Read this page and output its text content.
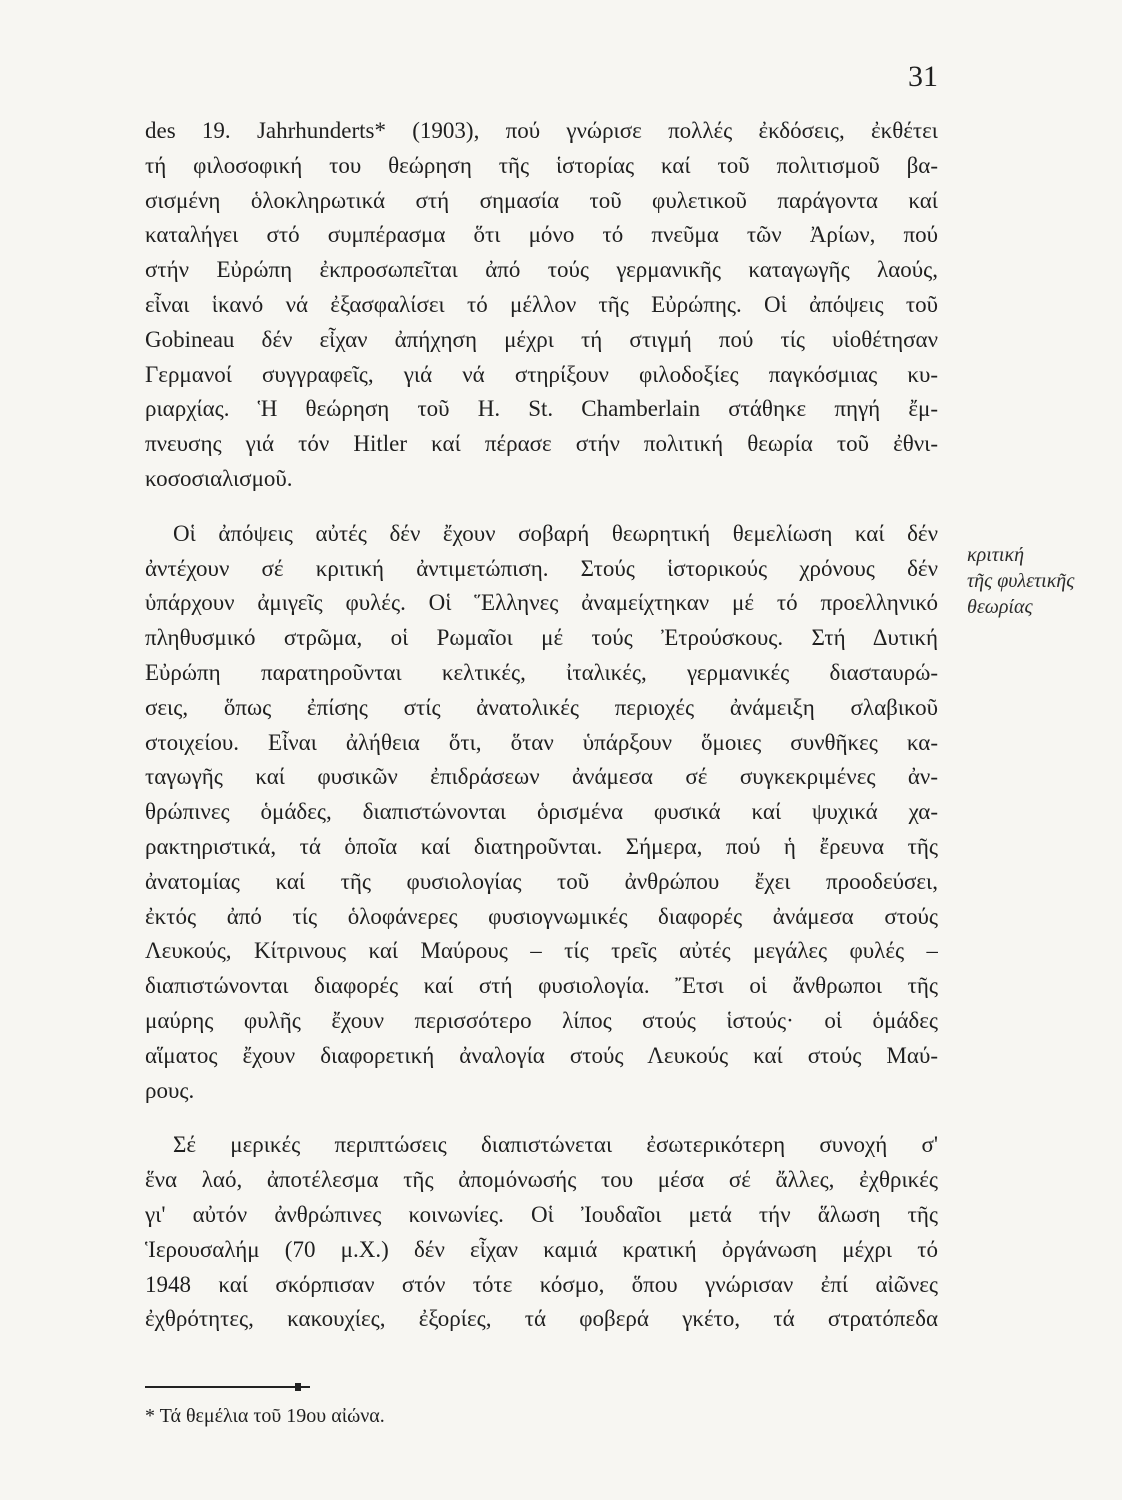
31
des 19. Jahrhunderts* (1903), πού γνώρισε πολλές ἐκδόσεις, ἐκθέτει
τή φιλοσοφική του θεώρηση τῆς ἱστορίας καί τοῦ πολιτισμοῦ βα-
σισμένη ὁλοκληρωτικά στή σημασία τοῦ φυλετικοῦ παράγοντα καί
καταλήγει στό συμπέρασμα ὅτι μόνο τό πνεῦμα τῶν Ἀρίων, πού
στήν Εὐρώπη ἐκπροσωπεῖται ἀπό τούς γερμανικῆς καταγωγῆς λαούς,
εἶναι ἱκανό νά ἐξασφαλίσει τό μέλλον τῆς Εὐρώπης. Οἱ ἀπόψεις τοῦ
Gobineau δέν εἶχαν ἀπήχηση μέχρι τή στιγμή πού τίς υἱοθέτησαν
Γερμανοί συγγραφεῖς, γιά νά στηρίξουν φιλοδοξίες παγκόσμιας κυ-
ριαρχίας. Ἡ θεώρηση τοῦ Η. St. Chamberlain στάθηκε πηγή ἔμ-
πνευσης γιά τόν Hitler καί πέρασε στήν πολιτική θεωρία τοῦ ἐθνι-
κοσοσιαλισμοῦ.
Οἱ ἀπόψεις αὐτές δέν ἔχουν σοβαρή θεωρητική θεμελίωση καί δέν
ἀντέχουν σέ κριτική ἀντιμετώπιση. Στούς ἱστορικούς χρόνους δέν
ὑπάρχουν ἀμιγεῖς φυλές. Οἱ Ἕλληνες ἀναμείχτηκαν μέ τό προελληνικό
πληθυσμικό στρῶμα, οἱ Ρωμαῖοι μέ τούς Ἐτρούσκους. Στή Δυτική
Εὐρώπη παρατηροῦνται κελτικές, ἰταλικές, γερμανικές διασταυρώ-
σεις, ὅπως ἐπίσης στίς ἀνατολικές περιοχές ἀνάμειξη σλαβικοῦ
στοιχείου. Εἶναι ἀλήθεια ὅτι, ὅταν ὑπάρξουν ὅμοιες συνθῆκες κα-
ταγωγῆς καί φυσικῶν ἐπιδράσεων ἀνάμεσα σέ συγκεκριμένες ἀν-
θρώπινες ὁμάδες, διαπιστώνονται ὁρισμένα φυσικά καί ψυχικά χα-
ρακτηριστικά, τά ὁποῖα καί διατηροῦνται. Σήμερα, πού ἡ ἔρευνα τῆς
ἀνατομίας καί τῆς φυσιολογίας τοῦ ἀνθρώπου ἔχει προοδεύσει,
ἐκτός ἀπό τίς ὁλοφάνερες φυσιογνωμικές διαφορές ἀνάμεσα στούς
Λευκούς, Κίτρινους καί Μαύρους – τίς τρεῖς αὐτές μεγάλες φυλές –
διαπιστώνονται διαφορές καί στή φυσιολογία. Ἔτσι οἱ ἄνθρωποι τῆς
μαύρης φυλῆς ἔχουν περισσότερο λίπος στούς ἱστούς· οἱ ὁμάδες
αἵματος ἔχουν διαφορετική ἀναλογία στούς Λευκούς καί στούς Μαύ-
ρους.
Σέ μερικές περιπτώσεις διαπιστώνεται ἐσωτερικότερη συνοχή σ'
ἕνα λαό, ἀποτέλεσμα τῆς ἀπομόνωσής του μέσα σέ ἄλλες, ἐχθρικές
γι' αὐτόν ἀνθρώπινες κοινωνίες. Οἱ Ἰουδαῖοι μετά τήν ἅλωση τῆς
Ἱερουσαλήμ (70 μ.Χ.) δέν εἶχαν καμιά κρατική ὀργάνωση μέχρι τό
1948 καί σκόρπισαν στόν τότε κόσμο, ὅπου γνώρισαν ἐπί αἰῶνες
ἐχθρότητες, κακουχίες, ἐξορίες, τά φοβερά γκέτο, τά στρατόπεδα
κριτική
τῆς φυλετικῆς
θεωρίας
* Τά θεμέλια τοῦ 19ου αἰώνα.
